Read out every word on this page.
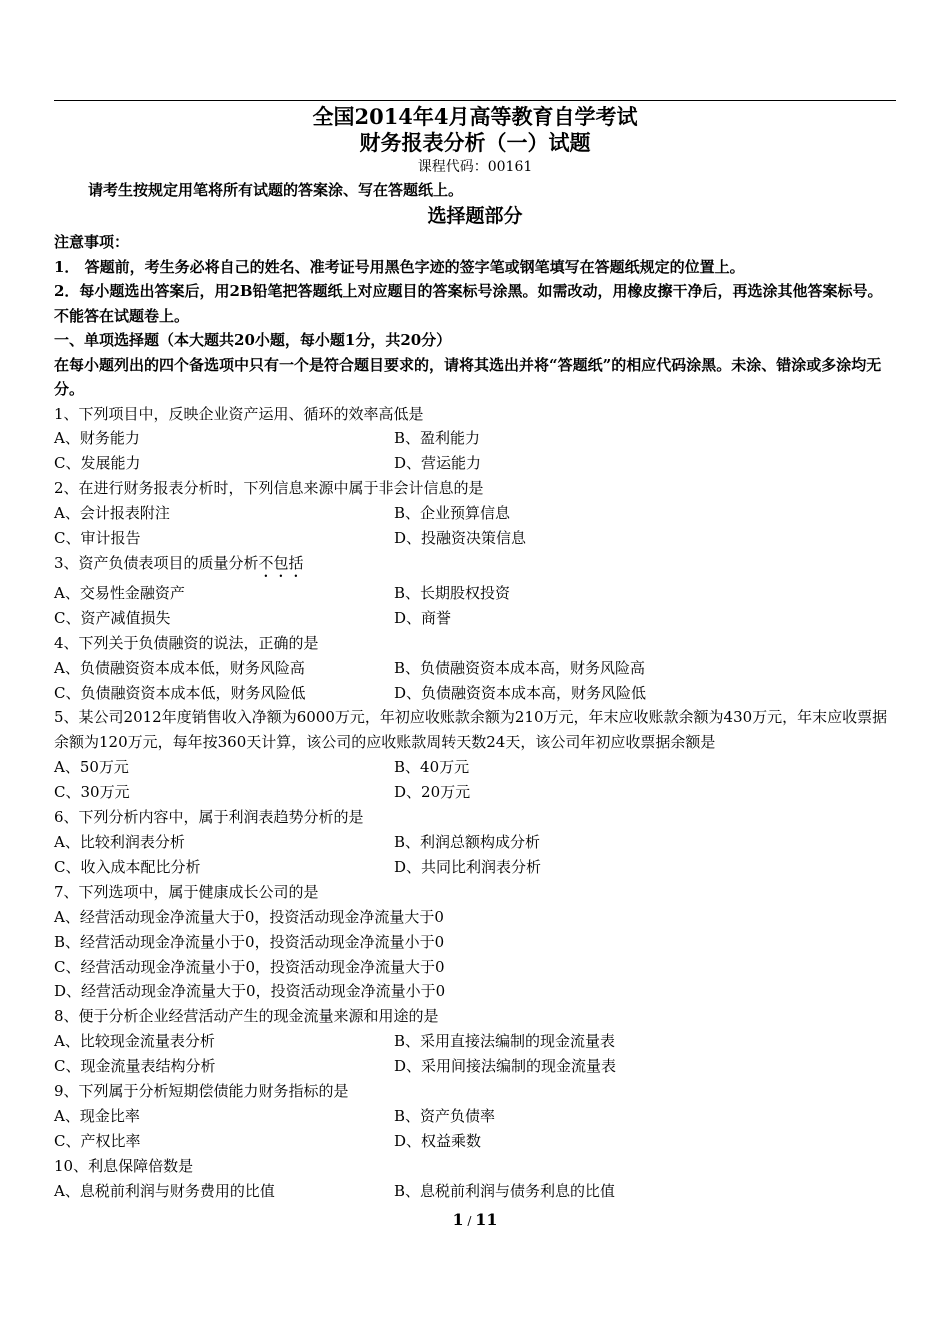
全国2014年4月高等教育自学考试
财务报表分析（一）试题
课程代码：00161
请考生按规定用笔将所有试题的答案涂、写在答题纸上。
选择题部分
注意事项：
1． 答题前，考生务必将自己的姓名、准考证号用黑色字迹的签字笔或钢笔填写在答题纸规定的位置上。
2．每小题选出答案后，用2B铅笔把答题纸上对应题目的答案标号涂黑。如需改动，用橡皮擦干净后，再选涂其他答案标号。不能答在试题卷上。
一、单项选择题（本大题共20小题，每小题1分，共20分）
在每小题列出的四个备选项中只有一个是符合题目要求的，请将其选出并将“答题纸”的相应代码涂黑。未涂、错涂或多涂均无分。
1、下列项目中，反映企业资产运用、循环的效率高低是
A、财务能力	B、盈利能力
C、发展能力	D、营运能力
2、在进行财务报表分析时，下列信息来源中属于非会计信息的是
A、会计报表附注	B、企业预算信息
C、审计报告	D、投融资决策信息
3、资产负债表项目的质量分析不包括
A、交易性金融资产	B、长期股权投资
C、资产减值损失	D、商誉
4、下列关于负债融资的说法，正确的是
A、负债融资资本成本低，财务风险高	B、负债融资资本成本高，财务风险高
C、负债融资资本成本低，财务风险低	D、负债融资资本成本高，财务风险低
5、某公司2012年度销售收入净额为6000万元，年初应收账款余额为210万元，年末应收账款余额为430万元，年末应收票据余额为120万元，每年按360天计算，该公司的应收账款周转天数24天，该公司年初应收票据余额是
A、50万元	B、40万元
C、30万元	D、20万元
6、下列分析内容中，属于利润表趋势分析的是
A、比较利润表分析	B、利润总额构成分析
C、收入成本配比分析	D、共同比利润表分析
7、下列选项中，属于健康成长公司的是
A、经营活动现金净流量大于0，投资活动现金净流量大于0
B、经营活动现金净流量小于0，投资活动现金净流量小于0
C、经营活动现金净流量小于0，投资活动现金净流量大于0
D、经营活动现金净流量大于0，投资活动现金净流量小于0
8、便于分析企业经营活动产生的现金流量来源和用途的是
A、比较现金流量表分析	B、采用直接法编制的现金流量表
C、现金流量表结构分析	D、采用间接法编制的现金流量表
9、下列属于分析短期偿债能力财务指标的是
A、现金比率	B、资产负债率
C、产权比率	D、权益乘数
10、利息保障倍数是
A、息税前利润与财务费用的比值	B、息税前利润与债务利息的比值
1 / 11
